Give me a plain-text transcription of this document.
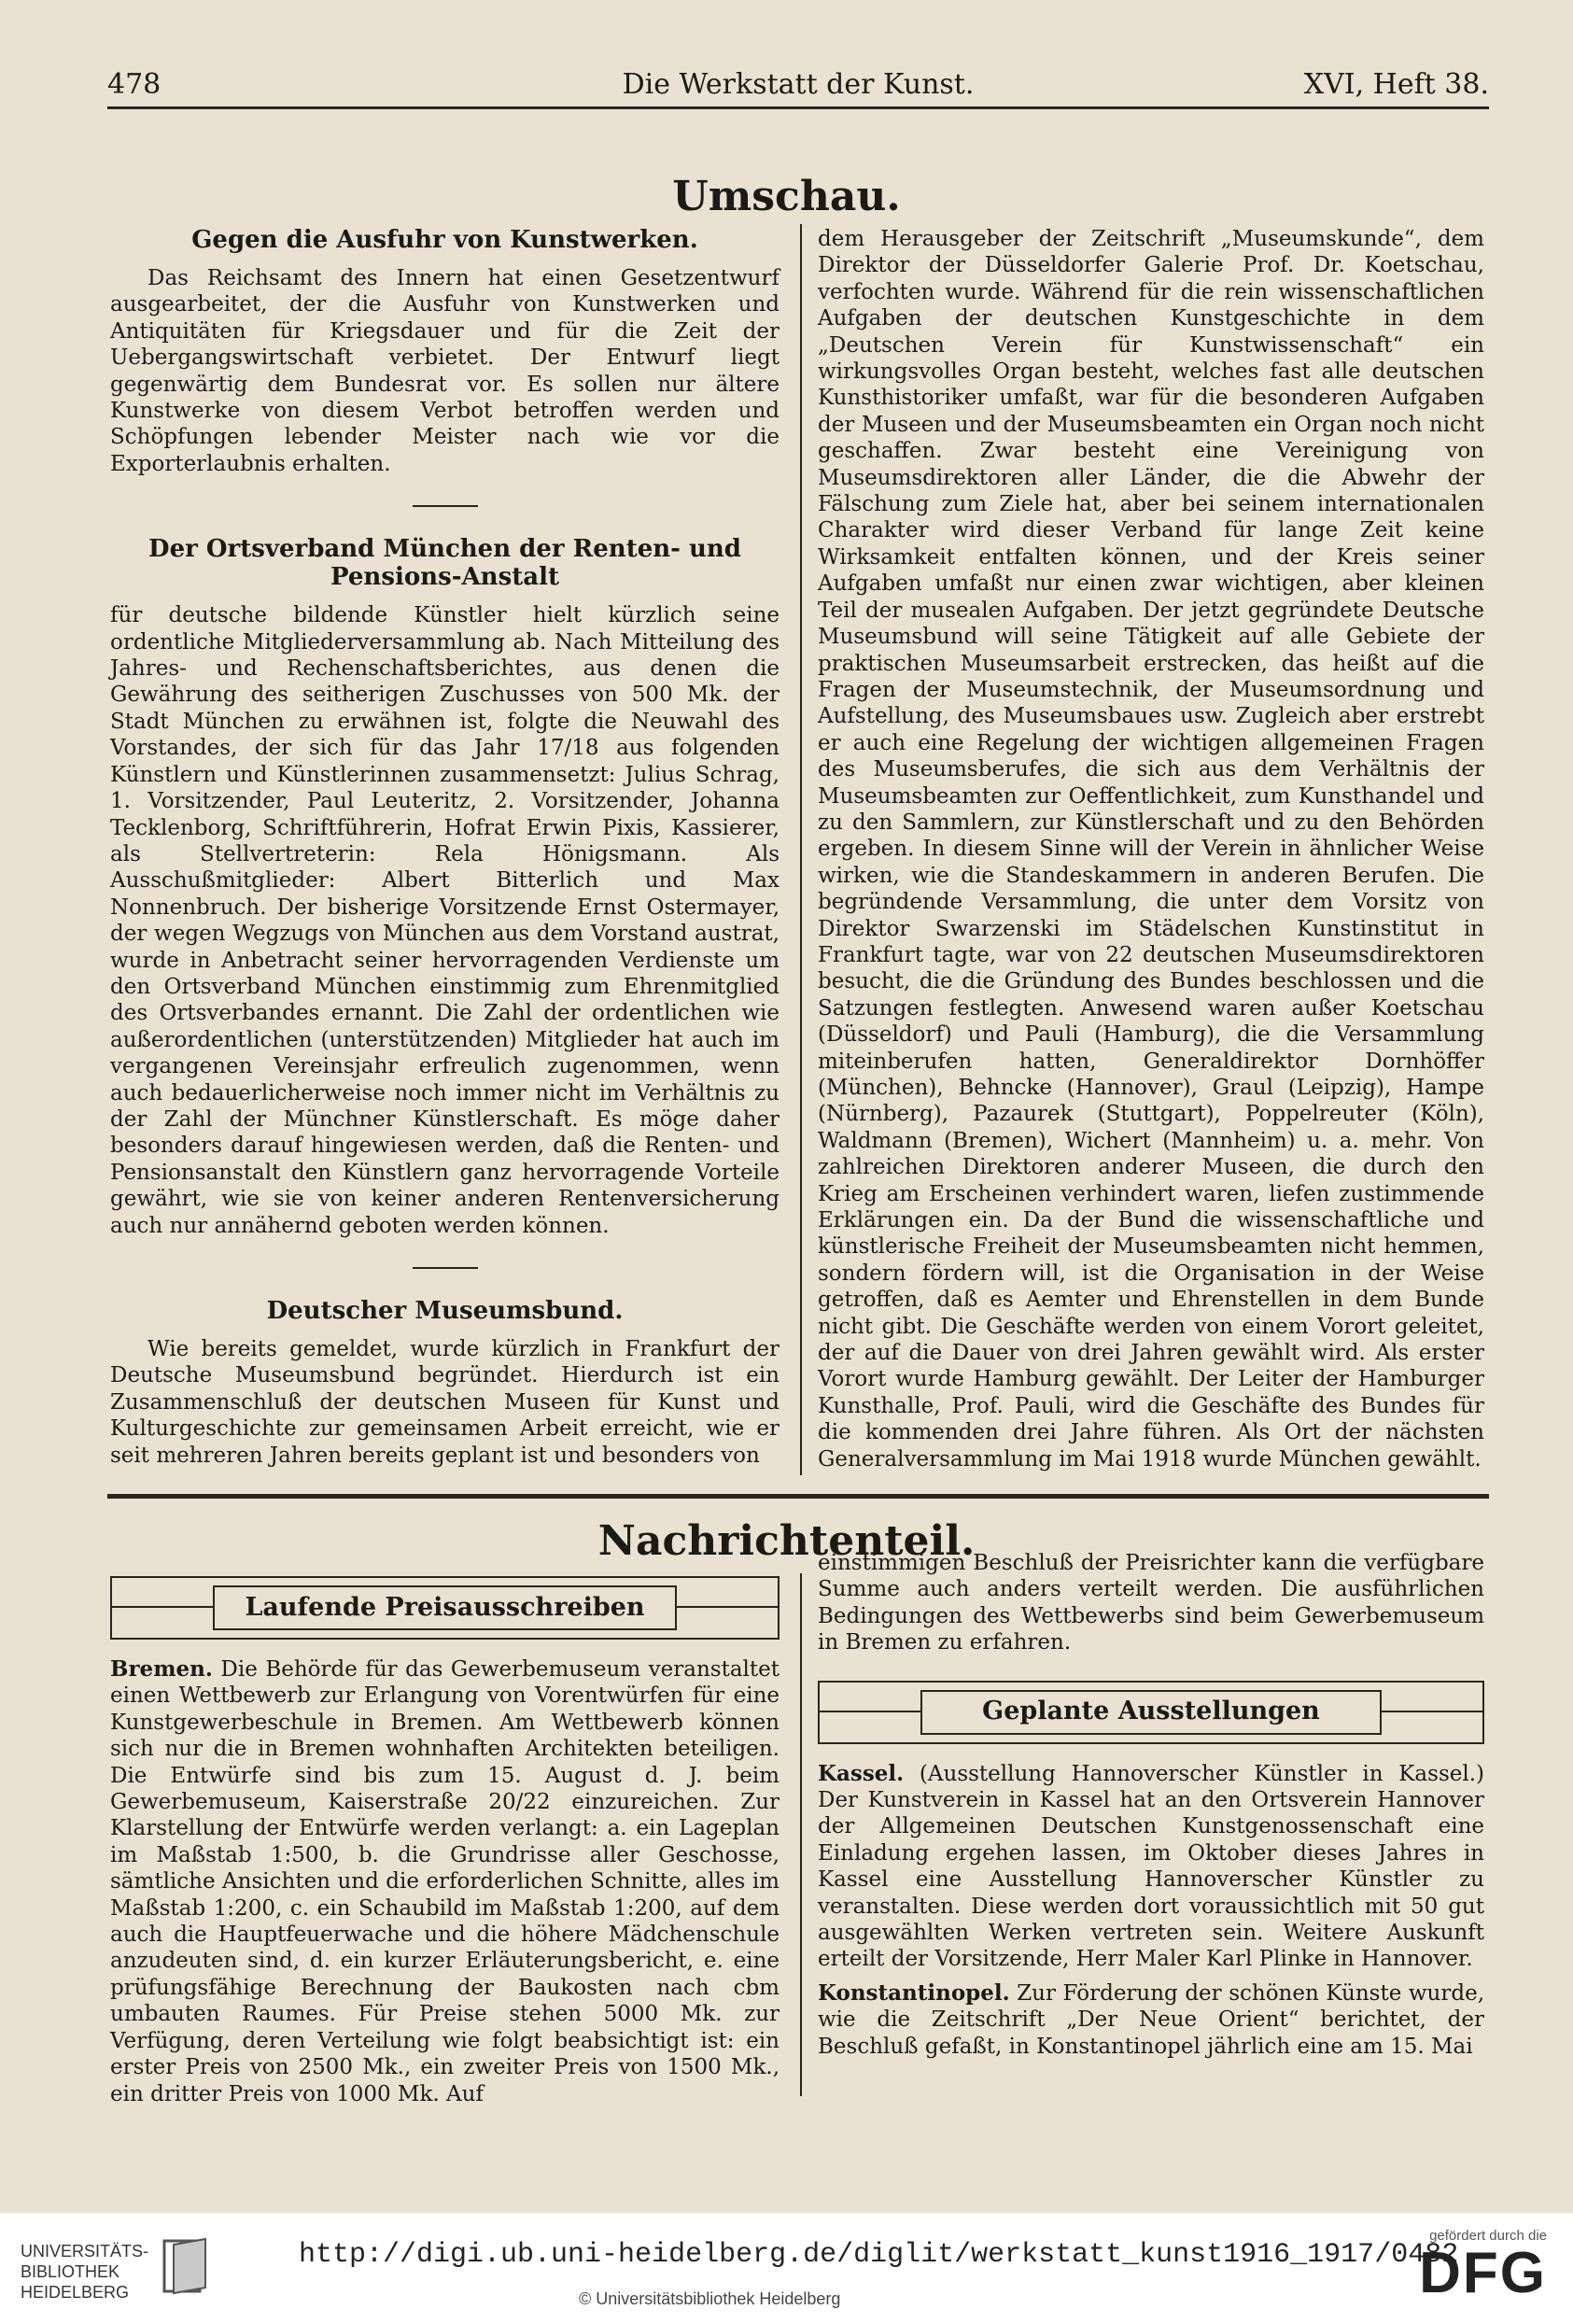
478	Die Werkstatt der Kunst.	XVI, Heft 38.
Umschau.
Gegen die Ausfuhr von Kunstwerken.

Das Reichsamt des Innern hat einen Gesetzentwurf ausgearbeitet, der die Ausfuhr von Kunstwerken und Antiquitäten für Kriegsdauer und für die Zeit der Uebergangswirtschaft verbietet. Der Entwurf liegt gegenwärtig dem Bundesrat vor. Es sollen nur ältere Kunstwerke von diesem Verbot betroffen werden und Schöpfungen lebender Meister nach wie vor die Exporterlaubnis erhalten.

Der Ortsverband München der Renten- und Pensions-Anstalt

für deutsche bildende Künstler hielt kürzlich seine ordentliche Mitgliederversammlung ab. Nach Mitteilung des Jahres- und Rechenschaftsberichtes, aus denen die Gewährung des seitherigen Zuschusses von 500 Mk. der Stadt München zu erwähnen ist, folgte die Neuwahl des Vorstandes, der sich für das Jahr 17/18 aus folgenden Künstlern und Künstlerinnen zusammensetzt: Julius Schrag, 1. Vorsitzender, Paul Leuteritz, 2. Vorsitzender, Johanna Tecklenborg, Schriftführerin, Hofrat Erwin Pixis, Kassierer, als Stellvertreterin: Rela Hönigsmann. Als Ausschußmitglieder: Albert Bitterlich und Max Nonnenbruch. Der bisherige Vorsitzende Ernst Ostermayer, der wegen Wegzugs von München aus dem Vorstand austrat, wurde in Anbetracht seiner hervorragenden Verdienste um den Ortsverband München einstimmig zum Ehrenmitglied des Ortsverbandes ernannt. Die Zahl der ordentlichen wie außerordentlichen (unterstützenden) Mitglieder hat auch im vergangenen Vereinsjahr erfreulich zugenommen, wenn auch bedauerlicherweise noch immer nicht im Verhältnis zu der Zahl der Münchner Künstlerschaft. Es möge daher besonders darauf hingewiesen werden, daß die Renten- und Pensionsanstalt den Künstlern ganz hervorragende Vorteile gewährt, wie sie von keiner anderen Rentenversicherung auch nur annähernd geboten werden können.

Deutscher Museumsbund.

Wie bereits gemeldet, wurde kürzlich in Frankfurt der Deutsche Museumsbund begründet. Hierdurch ist ein Zusammenschluß der deutschen Museen für Kunst und Kulturgeschichte zur gemeinsamen Arbeit erreicht, wie er seit mehreren Jahren bereits geplant ist und besonders von

dem Herausgeber der Zeitschrift „Museumskunde“, dem Direktor der Düsseldorfer Galerie Prof. Dr. Koetschau, verfochten wurde. Während für die rein wissenschaftlichen Aufgaben der deutschen Kunstgeschichte in dem „Deutschen Verein für Kunstwissenschaft“ ein wirkungsvolles Organ besteht, welches fast alle deutschen Kunsthistoriker umfaßt, war für die besonderen Aufgaben der Museen und der Museumsbeamten ein Organ noch nicht geschaffen. Zwar besteht eine Vereinigung von Museumsdirektoren aller Länder, die die Abwehr der Fälschung zum Ziele hat, aber bei seinem internationalen Charakter wird dieser Verband für lange Zeit keine Wirksamkeit entfalten können, und der Kreis seiner Aufgaben umfaßt nur einen zwar wichtigen, aber kleinen Teil der musealen Aufgaben. Der jetzt gegründete Deutsche Museumsbund will seine Tätigkeit auf alle Gebiete der praktischen Museumsarbeit erstrecken, das heißt auf die Fragen der Museumstechnik, der Museumsordnung und Aufstellung, des Museumsbaues usw. Zugleich aber erstrebt er auch eine Regelung der wichtigen allgemeinen Fragen des Museumsberufes, die sich aus dem Verhältnis der Museumsbeamten zur Oeffentlichkeit, zum Kunsthandel und zu den Sammlern, zur Künstlerschaft und zu den Behörden ergeben. In diesem Sinne will der Verein in ähnlicher Weise wirken, wie die Standeskammern in anderen Berufen. Die begründende Versammlung, die unter dem Vorsitz von Direktor Swarzenski im Städelschen Kunstinstitut in Frankfurt tagte, war von 22 deutschen Museumsdirektoren besucht, die die Gründung des Bundes beschlossen und die Satzungen festlegten. Anwesend waren außer Koetschau (Düsseldorf) und Pauli (Hamburg), die die Versammlung miteinberufen hatten, Generaldirektor Dornhöffer (München), Behncke (Hannover), Graul (Leipzig), Hampe (Nürnberg), Pazaurek (Stuttgart), Poppelreuter (Köln), Waldmann (Bremen), Wichert (Mannheim) u. a. mehr. Von zahlreichen Direktoren anderer Museen, die durch den Krieg am Erscheinen verhindert waren, liefen zustimmende Erklärungen ein. Da der Bund die wissenschaftliche und künstlerische Freiheit der Museumsbeamten nicht hemmen, sondern fördern will, ist die Organisation in der Weise getroffen, daß es Aemter und Ehrenstellen in dem Bunde nicht gibt. Die Geschäfte werden von einem Vorort geleitet, der auf die Dauer von drei Jahren gewählt wird. Als erster Vorort wurde Hamburg gewählt. Der Leiter der Hamburger Kunsthalle, Prof. Pauli, wird die Geschäfte des Bundes für die kommenden drei Jahre führen. Als Ort der nächsten Generalversammlung im Mai 1918 wurde München gewählt.

Nachrichtenteil.
Laufende Preisausschreiben

Bremen. Die Behörde für das Gewerbemuseum veranstaltet einen Wettbewerb zur Erlangung von Vorentwürfen für eine Kunstgewerbeschule in Bremen. Am Wettbewerb können sich nur die in Bremen wohnhaften Architekten beteiligen. Die Entwürfe sind bis zum 15. August d. J. beim Gewerbemuseum, Kaiserstraße 20/22 einzureichen. Zur Klarstellung der Entwürfe werden verlangt: a. ein Lageplan im Maßstab 1:500, b. die Grundrisse aller Geschosse, sämtliche Ansichten und die erforderlichen Schnitte, alles im Maßstab 1:200, c. ein Schaubild im Maßstab 1:200, auf dem auch die Hauptfeuerwache und die höhere Mädchenschule anzudeuten sind, d. ein kurzer Erläuterungsbericht, e. eine prüfungsfähige Berechnung der Baukosten nach cbm umbauten Raumes. Für Preise stehen 5000 Mk. zur Verfügung, deren Verteilung wie folgt beabsichtigt ist: ein erster Preis von 2500 Mk., ein zweiter Preis von 1500 Mk., ein dritter Preis von 1000 Mk. Auf

einstimmigen Beschluß der Preisrichter kann die verfügbare Summe auch anders verteilt werden. Die ausführlichen Bedingungen des Wettbewerbs sind beim Gewerbemuseum in Bremen zu erfahren.

Geplante Ausstellungen

Kassel. (Ausstellung Hannoverscher Künstler in Kassel.) Der Kunstverein in Kassel hat an den Ortsverein Hannover der Allgemeinen Deutschen Kunstgenossenschaft eine Einladung ergehen lassen, im Oktober dieses Jahres in Kassel eine Ausstellung Hannoverscher Künstler zu veranstalten. Diese werden dort voraussichtlich mit 50 gut ausgewählten Werken vertreten sein. Weitere Auskunft erteilt der Vorsitzende, Herr Maler Karl Plinke in Hannover.

Konstantinopel. Zur Förderung der schönen Künste wurde, wie die Zeitschrift „Der Neue Orient“ berichtet, der Beschluß gefaßt, in Konstantinopel jährlich eine am 15. Mai

UNIVERSITÄTS-
BIBLIOTHEK
HEIDELBERG
http://digi.ub.uni-heidelberg.de/diglit/werkstatt_kunst1916_1917/0482
© Universitätsbibliothek Heidelberg
gefördert durch die
DFG
